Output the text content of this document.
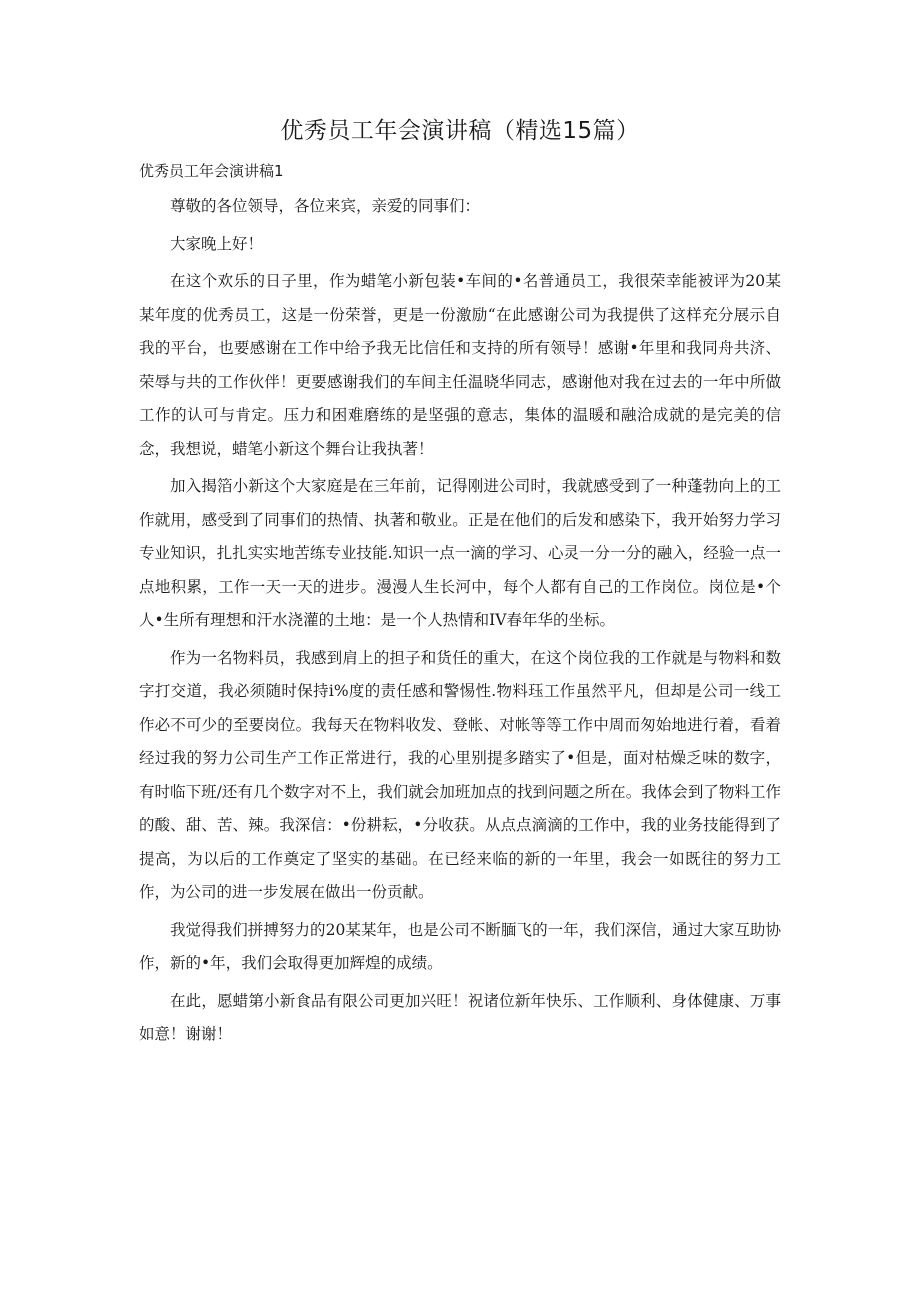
优秀员工年会演讲稿（精选15篇）
优秀员工年会演讲稿1

尊敬的各位领导，各位来宾，亲爱的同事们：

大家晚上好！

在这个欢乐的日子里，作为蜡笔小新包装•车间的•名普通员工，我很荣幸能被评为20某某年度的优秀员工，这是一份荣誉，更是一份激励“在此感谢公司为我提供了这样充分展示自我的平台，也要感谢在工作中给予我无比信任和支持的所有领导！感谢•年里和我同舟共济、荣辱与共的工作伙伴！更要感谢我们的车间主任温晓华同志，感谢他对我在过去的一年中所做工作的认可与肯定。压力和困难磨练的是坚强的意志，集体的温暖和融洽成就的是完美的信念，我想说，蜡笔小新这个舞台让我执著！

加入揭箔小新这个大家庭是在三年前，记得刚进公司时，我就感受到了一种蓬勃向上的工作就用，感受到了同事们的热情、执著和敬业。正是在他们的后发和感染下，我开始努力学习专业知识，扎扎实实地苦练专业技能.知识一点一滴的学习、心灵一分一分的融入，经验一点一点地积累，工作一天一天的进步。漫漫人生长河中，每个人都有自己的工作岗位。岗位是•个人•生所有理想和汗水浇灌的土地：是一个人热情和IV春年华的坐标。

作为一名物料员，我感到肩上的担子和货任的重大，在这个岗位我的工作就是与物料和数字打交道，我必须随时保持i%度的责任感和警惕性.物料珏工作虽然平凡，但却是公司一线工作必不可少的至要岗位。我每天在物料收发、登帐、对帐等等工作中周而匆始地进行着，看着经过我的努力公司生产工作正常进行，我的心里别提多踏实了•但是，面对枯燥乏味的数字，有时临下班/还有几个数字对不上，我们就会加班加点的找到问题之所在。我体会到了物料工作的酸、甜、苦、辣。我深信：•份耕耘，•分收获。从点点滴滴的工作中，我的业务技能得到了提高，为以后的工作奠定了坚实的基础。在已经来临的新的一年里，我会一如既往的努力工作，为公司的进一步发展在做出一份贡献。

我觉得我们拼搏努力的20某某年，也是公司不断腼飞的一年，我们深信，通过大家互助协作，新的•年，我们会取得更加辉煌的成绩。

在此，愿蜡第小新食品有限公司更加兴旺！祝诸位新年快乐、工作顺利、身体健康、万事如意！谢谢！
